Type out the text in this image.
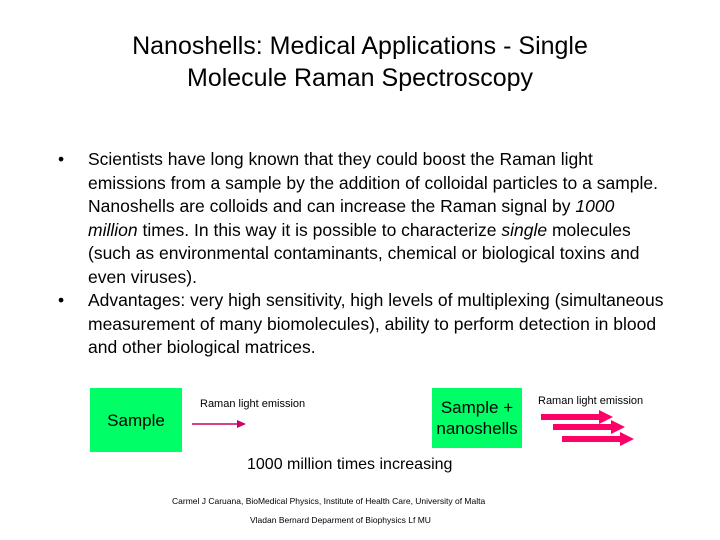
Nanoshells: Medical Applications - Single
Molecule Raman Spectroscopy

• Scientists have long known that they could boost the Raman light emissions from a sample by the addition of colloidal particles to a sample. Nanoshells are colloids and can increase the Raman signal by 1000 million times. In this way it is possible to characterize single molecules (such as environmental contaminants, chemical or biological toxins and even viruses).

• Advantages: very high sensitivity, high levels of multiplexing (simultaneous measurement of many biomolecules), ability to perform detection in blood and other biological matrices.

Sample
Raman light emission	Sample +
nanoshells
Raman light emission
1000 million times increasing
Carmel J Caruana, BioMedical Physics, Institute of Health Care, University of Malta
Vladan Bernard Deparment of Biophysics Lf MU
